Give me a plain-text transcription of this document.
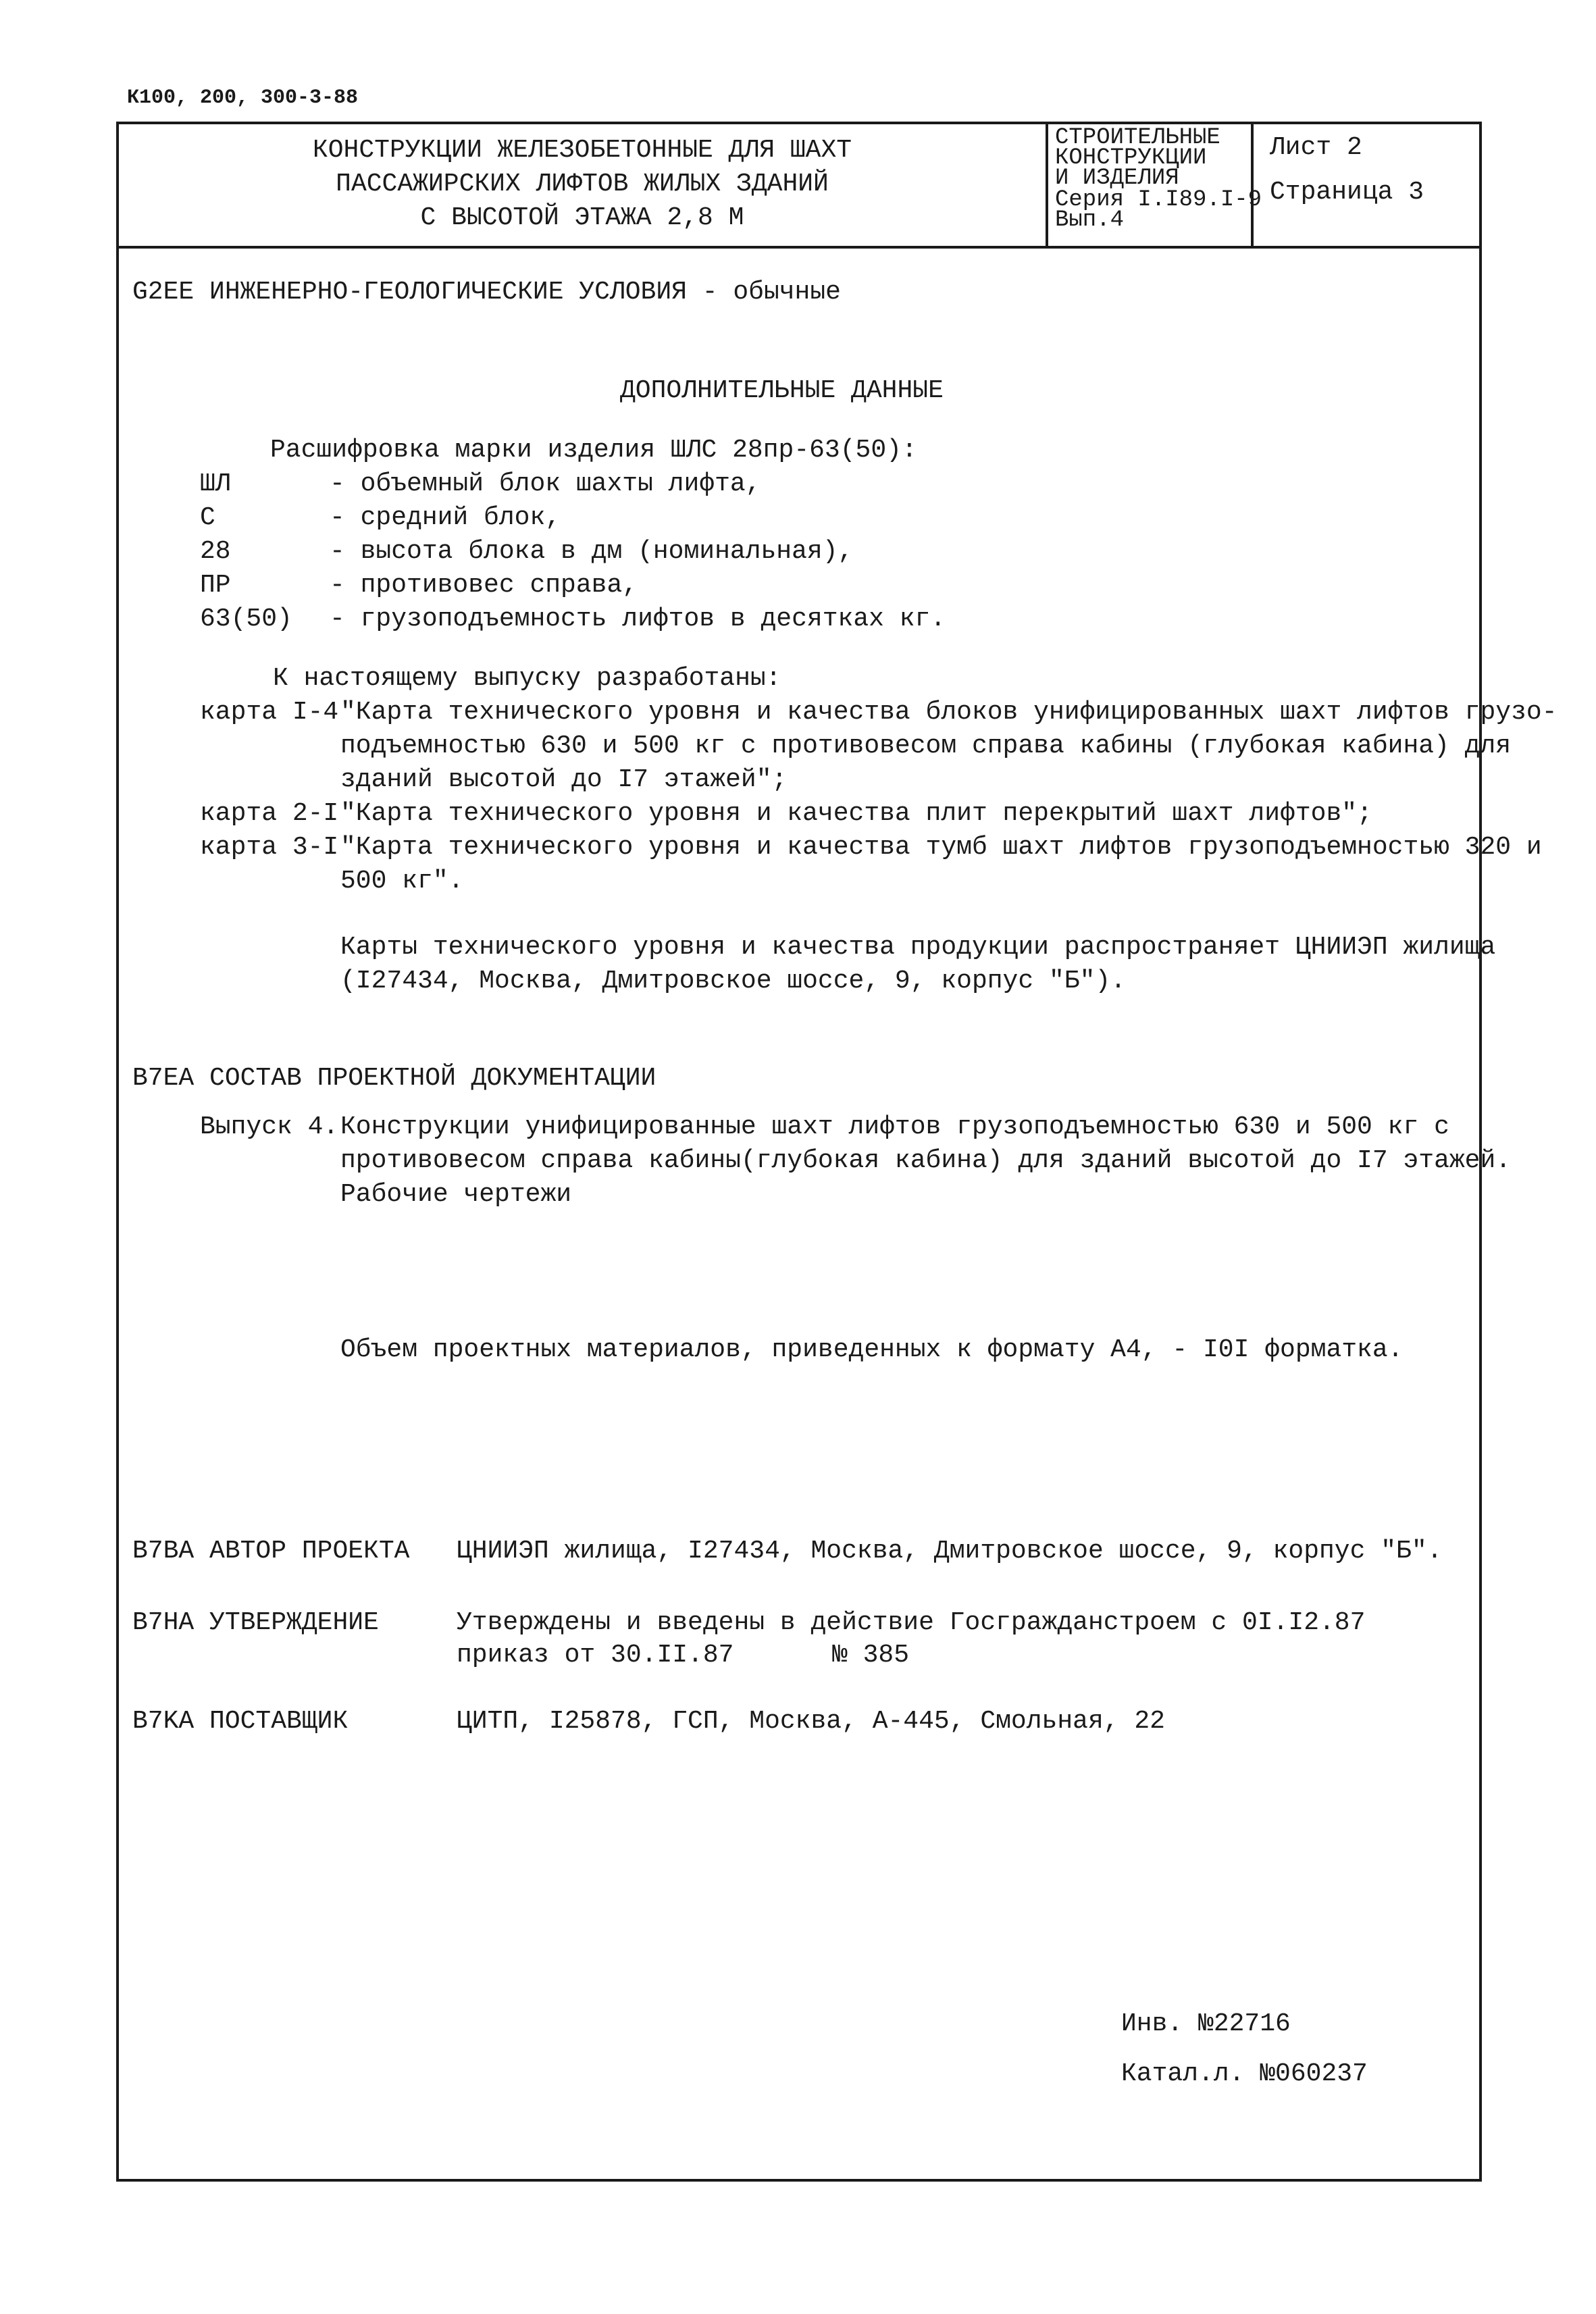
К100, 200, 300-3-88
КОНСТРУКЦИИ ЖЕЛЕЗОБЕТОННЫЕ ДЛЯ ШАХТ
ПАССАЖИРСКИХ ЛИФТОВ ЖИЛЫХ ЗДАНИЙ
С ВЫСОТОЙ ЭТАЖА 2,8 М
СТРОИТЕЛЬНЫЕ
КОНСТРУКЦИИ
И ИЗДЕЛИЯ
Серия I.I89.I-9
Вып.4
Лист 2
Страница 3
G2EE ИНЖЕНЕРНО-ГЕОЛОГИЧЕСКИЕ УСЛОВИЯ - обычные
ДОПОЛНИТЕЛЬНЫЕ ДАННЫЕ
Расшифровка марки изделия ШЛС 28пр-63(50):
ШЛ	- объемный блок шахты лифта,
С	- средний блок,
28	- высота блока в дм (номинальная),
ПР	- противовес справа,
63(50) - грузоподъемность лифтов в десятках кг.
К настоящему выпуску разработаны:
карта I-4 "Карта технического уровня и качества блоков унифицированных шахт лифтов грузо-
подъемностью 630 и 500 кг с противовесом справа кабины (глубокая кабина) для
зданий высотой до I7 этажей";
карта 2-I "Карта технического уровня и качества плит перекрытий шахт лифтов";
карта 3-I "Карта технического уровня и качества тумб шахт лифтов грузоподъемностью 320 и
500 кг".
Карты технического уровня и качества продукции распространяет ЦНИИЭП жилища
(I27434, Москва, Дмитровское шоссе, 9, корпус "Б").
B7EA СОСТАВ ПРОЕКТНОЙ ДОКУМЕНТАЦИИ
Выпуск 4. Конструкции унифицированные шахт лифтов грузоподъемностью 630 и 500 кг с
противовесом справа кабины(глубокая кабина) для зданий высотой до I7 этажей.
Рабочие чертежи
Объем проектных материалов, приведенных к формату А4, - I0I форматка.
B7BA АВТОР ПРОЕКТА ЦНИИЭП жилища, I27434, Москва, Дмитровское шоссе, 9, корпус "Б".
B7HA УТВЕРЖДЕНИЕ	Утверждены и введены в действие Госгражданстроем с 0I.I2.87
приказ от 30.II.87	№ 385
B7KA ПОСТАВЩИК	ЦИТП, I25878, ГСП, Москва, А-445, Смольная, 22
Инв. №22716
Катал.л. №060237
